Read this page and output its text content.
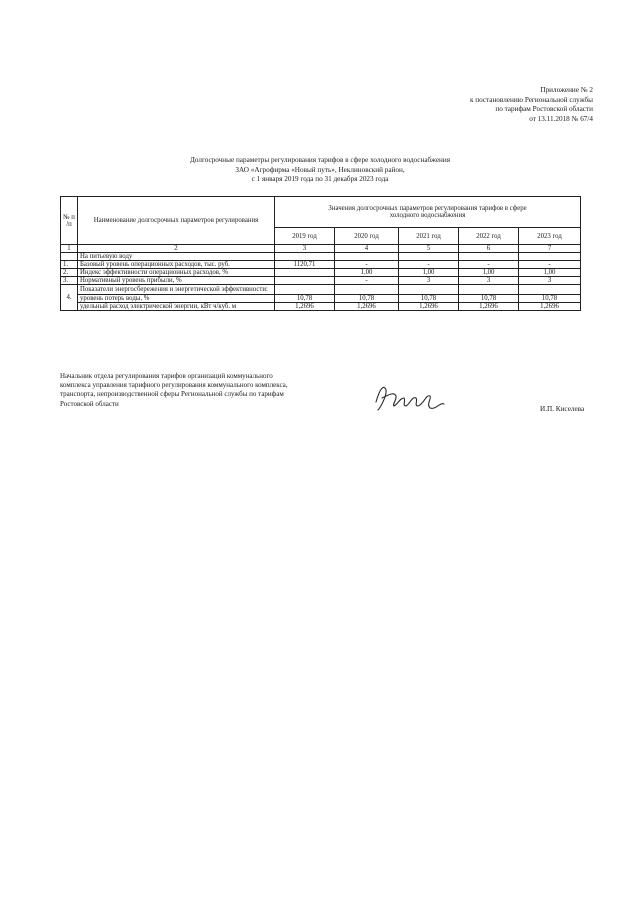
Приложение № 2
к постановлению Региональной службы
по тарифам Ростовской области
от 13.11.2018 № 67/4
Долгосрочные параметры регулирования тарифов в сфере холодного водоснабжения
ЗАО «Агрофирма «Новый путь», Неклиновский район,
с 1 января 2019 года по 31 декабря 2023 года
№ п /п	Наименование долгосрочных параметров регулирования	Значения долгосрочных параметров регулирования тарифов в сфере холодного водоснабжения				
		2019 год	2020 год	2021 год	2022 год	2023 год
1	2	3	4	5	6	7
	На питьевую воду					
1.	Базовый уровень операционных расходов, тыс. руб.	1120,71	-	-	-	-
2.	Индекс эффективности операционных расходов, %		1,00	1,00	1,00	1,00
3.	Нормативный уровень прибыли, %		-	3	3	3
4.	Показатели энергосбережения и энергетической эффективности:					
	уровень потерь воды, %	10,78	10,78	10,78	10,78	10,78
	удельный расход электрической энергии, кВт ч/куб. м	1,2696	1,2696	1,2696	1,2696	1,2696
Начальник отдела регулирования тарифов организаций коммунального
комплекса управления тарифного регулирования коммунального комплекса,
транспорта, непроизводственной сферы Региональной службы по тарифам
Ростовской области
И.П. Киселева
